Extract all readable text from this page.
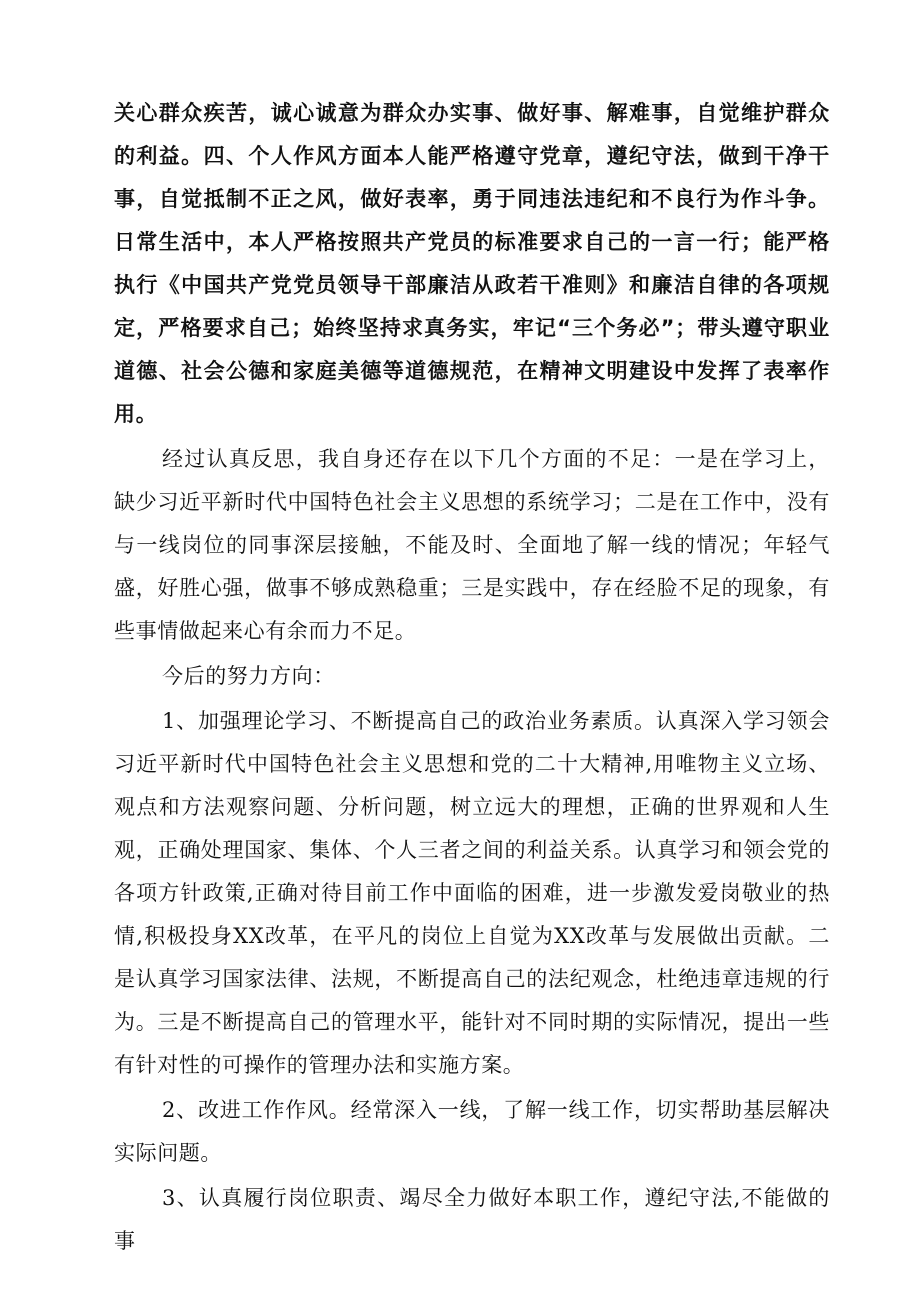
关心群众疾苦，诚心诚意为群众办实事、做好事、解难事，自觉维护群众的利益。四、个人作风方面本人能严格遵守党章，遵纪守法，做到干净干事，自觉抵制不正之风，做好表率，勇于同违法违纪和不良行为作斗争。日常生活中，本人严格按照共产党员的标准要求自己的一言一行；能严格执行《中国共产党党员领导干部廉洁从政若干准则》和廉洁自律的各项规定，严格要求自己；始终坚持求真务实，牢记“三个务必”；带头遵守职业道德、社会公德和家庭美德等道德规范，在精神文明建设中发挥了表率作用。

经过认真反思，我自身还存在以下几个方面的不足：一是在学习上，缺少习近平新时代中国特色社会主义思想的系统学习；二是在工作中，没有与一线岗位的同事深层接触，不能及时、全面地了解一线的情况；年轻气盛，好胜心强，做事不够成熟稳重；三是实践中，存在经脸不足的现象，有些事情做起来心有余而力不足。

今后的努力方向：

1、加强理论学习、不断提高自己的政治业务素质。认真深入学习领会习近平新时代中国特色社会主义思想和党的二十大精神,用唯物主义立场、观点和方法观察问题、分析问题，树立远大的理想，正确的世界观和人生观，正确处理国家、集体、个人三者之间的利益关系。认真学习和领会党的各项方针政策,正确对待目前工作中面临的困难，进一步激发爱岗敬业的热情,积极投身XX改革，在平凡的岗位上自觉为XX改革与发展做出贡献。二是认真学习国家法律、法规，不断提高自己的法纪观念，杜绝违章违规的行为。三是不断提高自己的管理水平，能针对不同时期的实际情况，提出一些有针对性的可操作的管理办法和实施方案。

2、改进工作作风。经常深入一线，了解一线工作，切实帮助基层解决实际问题。

3、认真履行岗位职责、竭尽全力做好本职工作，遵纪守法,不能做的事
